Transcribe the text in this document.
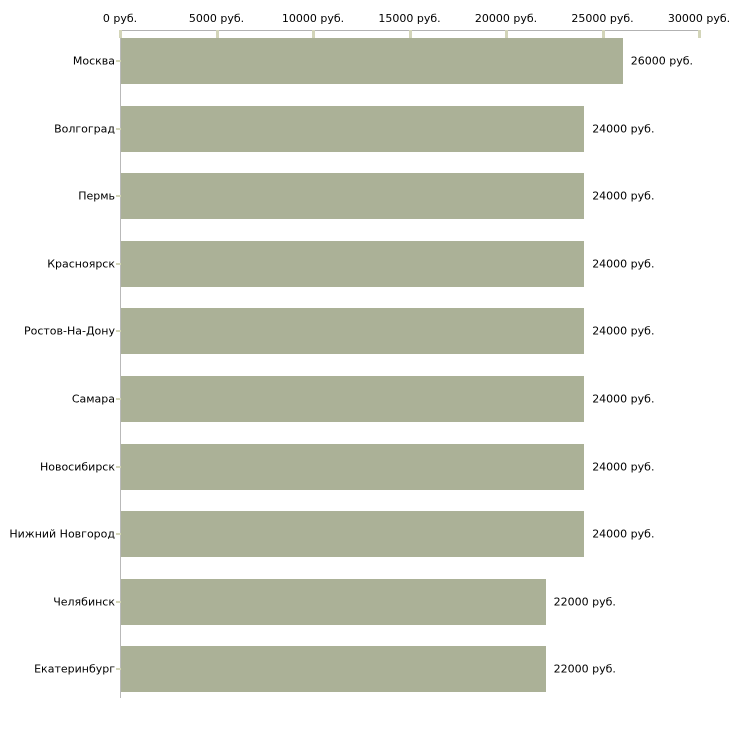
0 руб.	5000 руб.	10000 руб.	15000 руб.	20000 руб.	25000 руб.	30000 руб.
Москва	26000 руб.
Волгоград	24000 руб.
Пермь	24000 руб.
Красноярск	24000 руб.
Ростов-На-Дону	24000 руб.
Самара	24000 руб.
Новосибирск	24000 руб.
Нижний Новгород	24000 руб.
Челябинск	22000 руб.
Екатеринбург	22000 руб.
